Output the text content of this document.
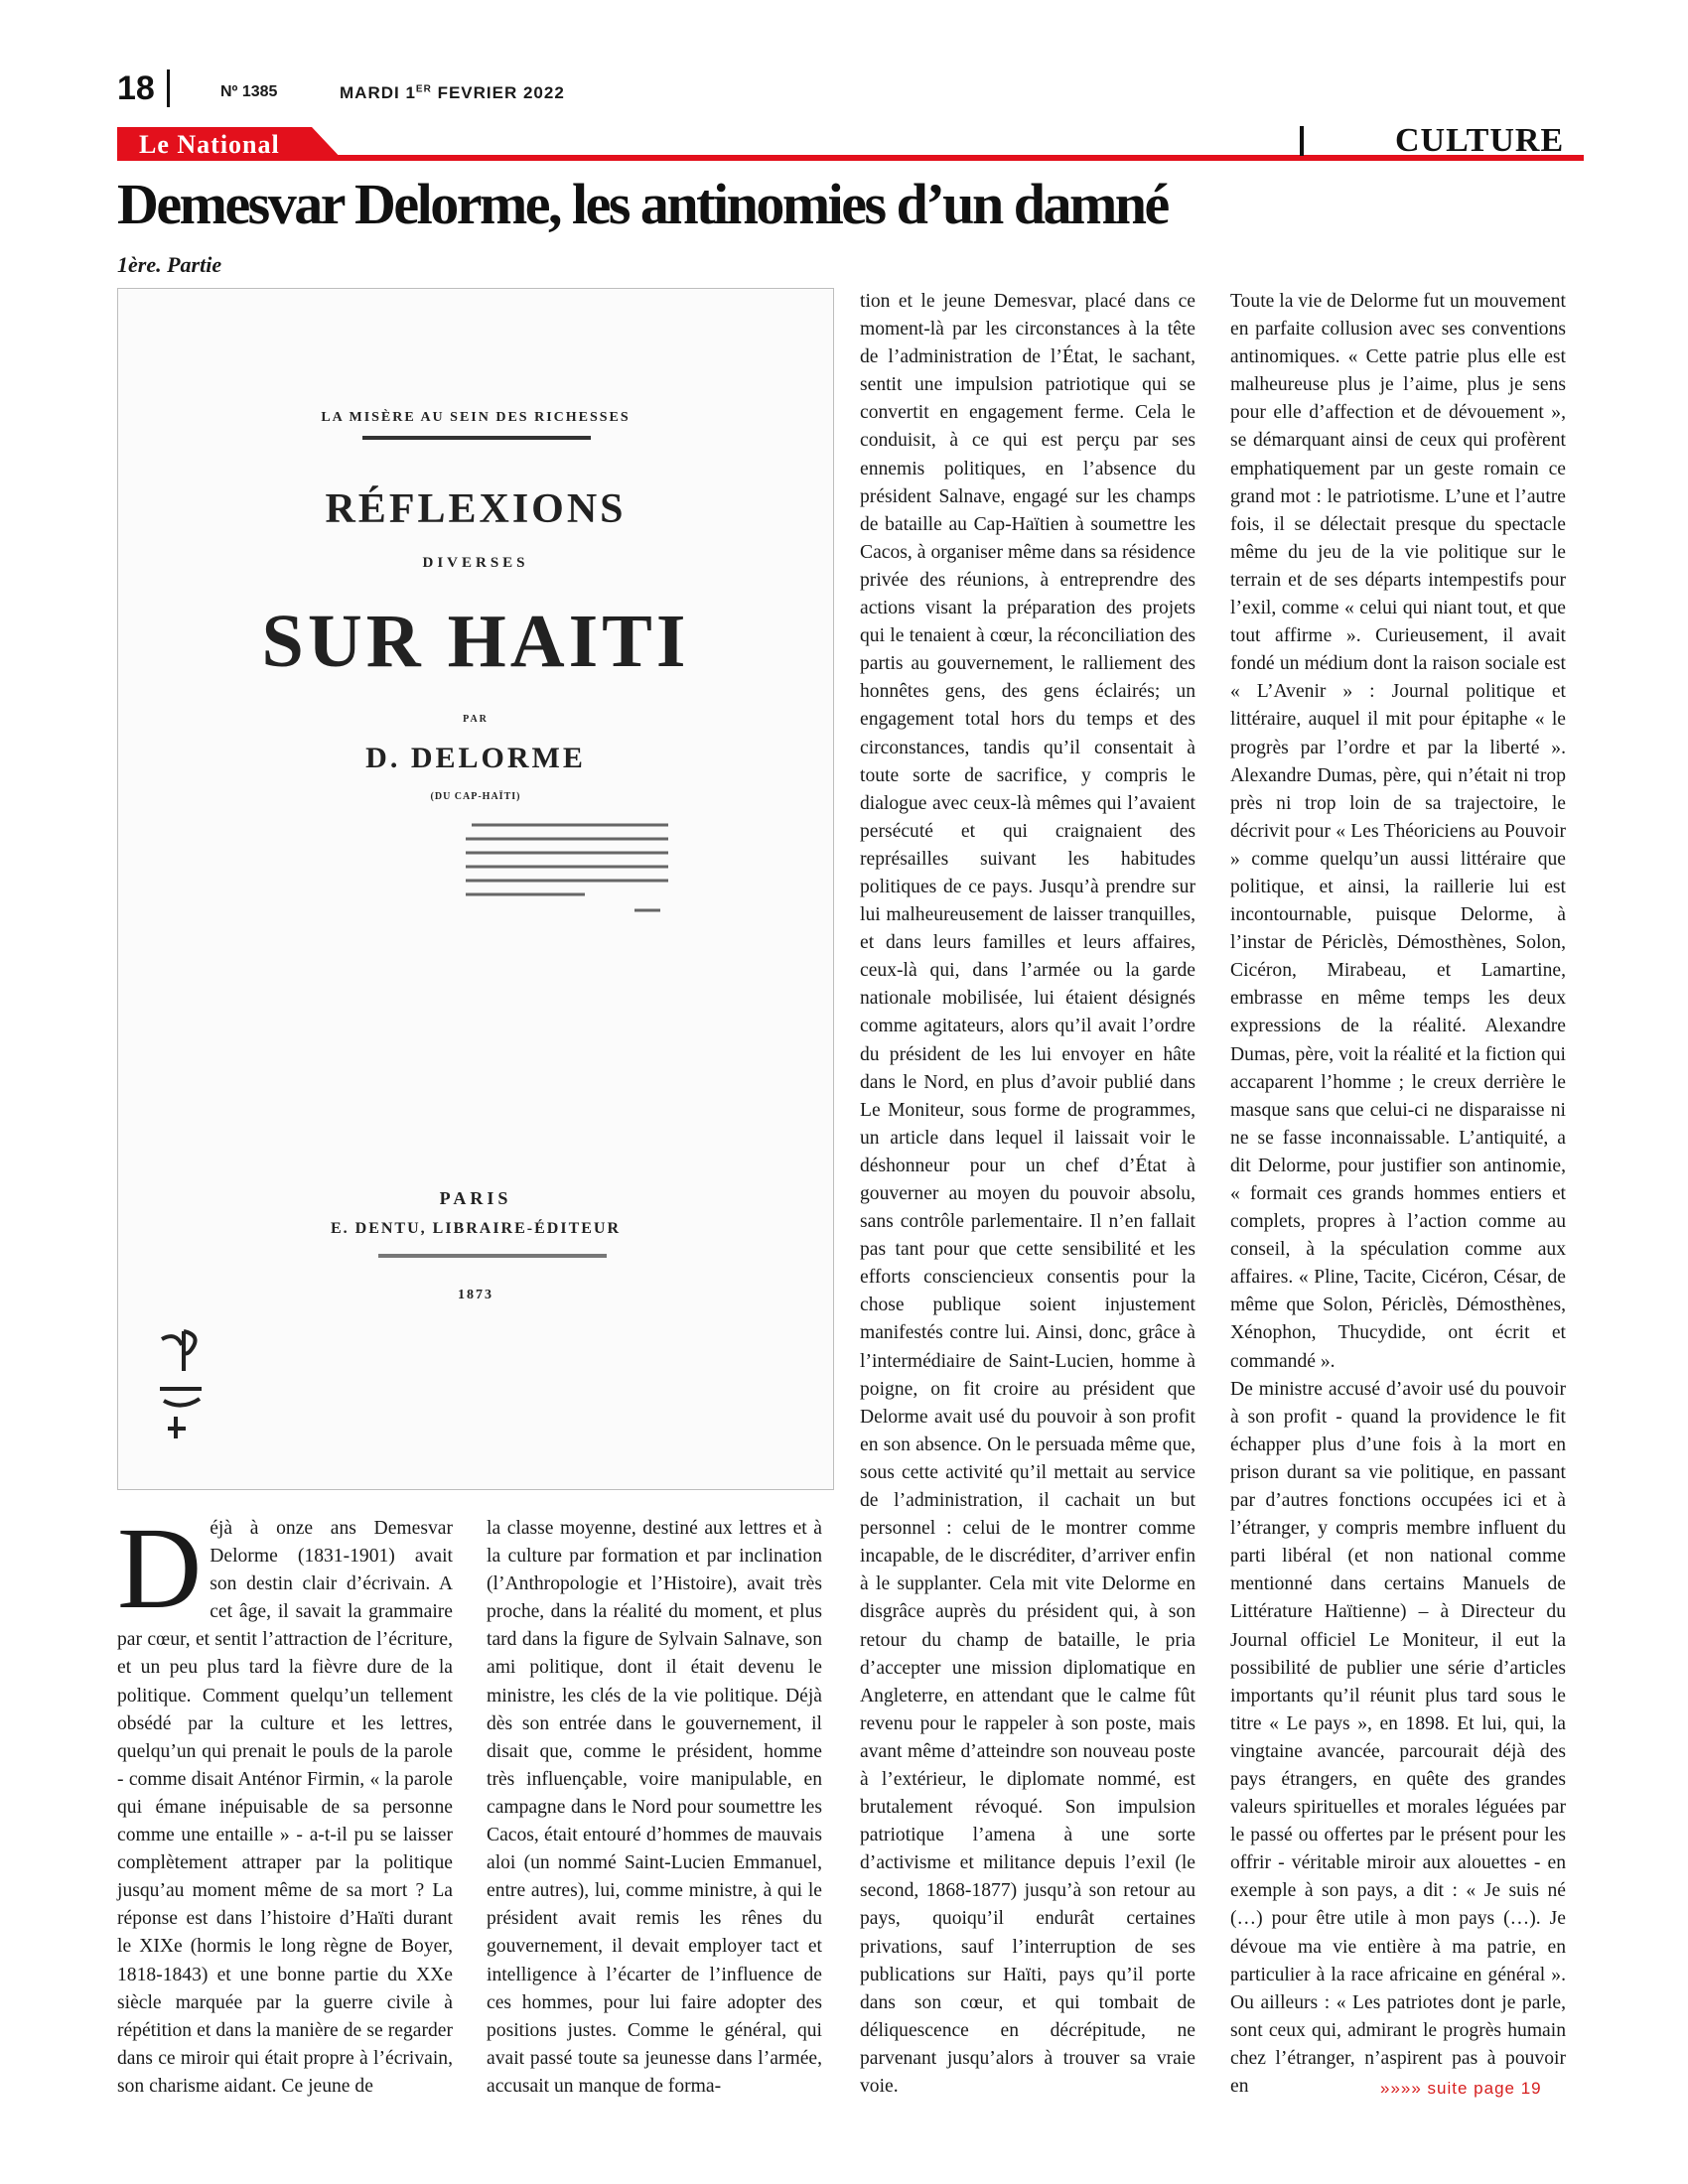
18	Nº 1385	MARDI 1ER FEVRIER 2022
Le National	CULTURE
Demesvar Delorme, les antinomies d’un damné
1ère. Partie
LA MISÈRE AU SEIN DES RICHESSES
RÉFLEXIONS
DIVERSES
SUR HAITI
PAR
D. DELORME
(DU CAP-HAÏTI)
PARIS
E. DENTU, LIBRAIRE-ÉDITEUR
1873

Déjà à onze ans Demesvar Delorme (1831-1901) avait son destin clair d’écrivain. A cet âge, il savait la grammaire par cœur, et sentit l’attraction de l’écriture, et un peu plus tard la fièvre dure de la politique. Comment quelqu’un tellement obsédé par la culture et les lettres, quelqu’un qui prenait le pouls de la parole - comme disait Anténor Firmin, « la parole qui émane inépuisable de sa personne comme une entaille » - a-t-il pu se laisser complètement attraper par la politique jusqu’au moment même de sa mort ? La réponse est dans l’histoire d’Haïti durant le XIXe (hormis le long règne de Boyer, 1818-1843) et une bonne partie du XXe siècle marquée par la guerre civile à répétition et dans la manière de se regarder dans ce miroir qui était propre à l’écrivain, son charisme aidant. Ce jeune de

la classe moyenne, destiné aux lettres et à la culture par formation et par inclination (l’Anthropologie et l’Histoire), avait très proche, dans la réalité du moment, et plus tard dans la figure de Sylvain Salnave, son ami politique, dont il était devenu le ministre, les clés de la vie politique. Déjà dès son entrée dans le gouvernement, il disait que, comme le président, homme très influençable, voire manipulable, en campagne dans le Nord pour soumettre les Cacos, était entouré d’hommes de mauvais aloi (un nommé Saint-Lucien Emmanuel, entre autres), lui, comme ministre, à qui le président avait remis les rênes du gouvernement, il devait employer tact et intelligence à l’écarter de l’influence de ces hommes, pour lui faire adopter des positions justes. Comme le général, qui avait passé toute sa jeunesse dans l’armée, accusait un manque de forma-

tion et le jeune Demesvar, placé dans ce moment-là par les circonstances à la tête de l’administration de l’État, le sachant, sentit une impulsion patriotique qui se convertit en engagement ferme. Cela le conduisit, à ce qui est perçu par ses ennemis politiques, en l’absence du président Salnave, engagé sur les champs de bataille au Cap-Haïtien à soumettre les Cacos, à organiser même dans sa résidence privée des réunions, à entreprendre des actions visant la préparation des projets qui le tenaient à cœur, la réconciliation des partis au gouvernement, le ralliement des honnêtes gens, des gens éclairés; un engagement total hors du temps et des circonstances, tandis qu’il consentait à toute sorte de sacrifice, y compris le dialogue avec ceux-là mêmes qui l’avaient persécuté et qui craignaient des représailles suivant les habitudes politiques de ce pays. Jusqu’à prendre sur lui malheureusement de laisser tranquilles, et dans leurs familles et leurs affaires, ceux-là qui, dans l’armée ou la garde nationale mobilisée, lui étaient désignés comme agitateurs, alors qu’il avait l’ordre du président de les lui envoyer en hâte dans le Nord, en plus d’avoir publié dans Le Moniteur, sous forme de programmes, un article dans lequel il laissait voir le déshonneur pour un chef d’État à gouverner au moyen du pouvoir absolu, sans contrôle parlementaire. Il n’en fallait pas tant pour que cette sensibilité et les efforts consciencieux consentis pour la chose publique soient injustement manifestés contre lui. Ainsi, donc, grâce à l’intermédiaire de Saint-Lucien, homme à poigne, on fit croire au président que Delorme avait usé du pouvoir à son profit en son absence. On le persuada même que, sous cette activité qu’il mettait au service de l’administration, il cachait un but personnel : celui de le montrer comme incapable, de le discréditer, d’arriver enfin à le supplanter. Cela mit vite Delorme en disgrâce auprès du président qui, à son retour du champ de bataille, le pria d’accepter une mission diplomatique en Angleterre, en attendant que le calme fût revenu pour le rappeler à son poste, mais avant même d’atteindre son nouveau poste à l’extérieur, le diplomate nommé, est brutalement révoqué. Son impulsion patriotique l’amena à une sorte d’activisme et militance depuis l’exil (le second, 1868-1877) jusqu’à son retour au pays, quoiqu’il endurât certaines privations, sauf l’interruption de ses publications sur Haïti, pays qu’il porte dans son cœur, et qui tombait de déliquescence en décrépitude, ne parvenant jusqu’alors à trouver sa vraie voie.

Toute la vie de Delorme fut un mouvement en parfaite collusion avec ses conventions antinomiques. « Cette patrie plus elle est malheureuse plus je l’aime, plus je sens pour elle d’affection et de dévouement », se démarquant ainsi de ceux qui profèrent emphatiquement par un geste romain ce grand mot : le patriotisme. L’une et l’autre fois, il se délectait presque du spectacle même du jeu de la vie politique sur le terrain et de ses départs intempestifs pour l’exil, comme « celui qui niant tout, et que tout affirme ». Curieusement, il avait fondé un médium dont la raison sociale est « L’Avenir » : Journal politique et littéraire, auquel il mit pour épitaphe « le progrès par l’ordre et par la liberté ». Alexandre Dumas, père, qui n’était ni trop près ni trop loin de sa trajectoire, le décrivit pour « Les Théoriciens au Pouvoir » comme quelqu’un aussi littéraire que politique, et ainsi, la raillerie lui est incontournable, puisque Delorme, à l’instar de Périclès, Démosthènes, Solon, Cicéron, Mirabeau, et Lamartine, embrasse en même temps les deux expressions de la réalité. Alexandre Dumas, père, voit la réalité et la fiction qui accaparent l’homme ; le creux derrière le masque sans que celui-ci ne disparaisse ni ne se fasse inconnaissable. L’antiquité, a dit Delorme, pour justifier son antinomie, « formait ces grands hommes entiers et complets, propres à l’action comme au conseil, à la spéculation comme aux affaires. « Pline, Tacite, Cicéron, César, de même que Solon, Périclès, Démosthènes, Xénophon, Thucydide, ont écrit et commandé ».

De ministre accusé d’avoir usé du pouvoir à son profit - quand la providence le fit échapper plus d’une fois à la mort en prison durant sa vie politique, en passant par d’autres fonctions occupées ici et à l’étranger, y compris membre influent du parti libéral (et non national comme mentionné dans certains Manuels de Littérature Haïtienne) – à Directeur du Journal officiel Le Moniteur, il eut la possibilité de publier une série d’articles importants qu’il réunit plus tard sous le titre « Le pays », en 1898. Et lui, qui, la vingtaine avancée, parcourait déjà des pays étrangers, en quête des grandes valeurs spirituelles et morales léguées par le passé ou offertes par le présent pour les offrir - véritable miroir aux alouettes - en exemple à son pays, a dit : « Je suis né (…) pour être utile à mon pays (…). Je dévoue ma vie entière à ma patrie, en particulier à la race africaine en général ». Ou ailleurs : « Les patriotes dont je parle, sont ceux qui, admirant le progrès humain chez l’étranger, n’aspirent pas à pouvoir en	»»»» suite page 19
